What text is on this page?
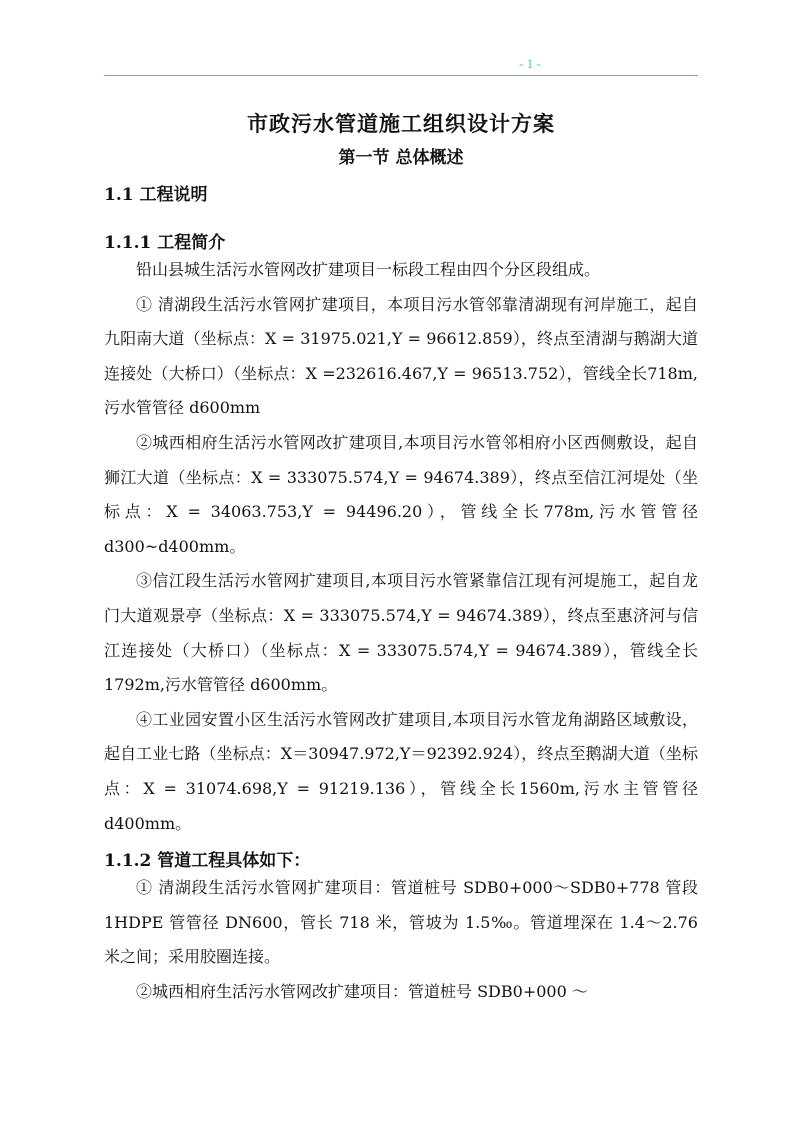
- 1 -
市政污水管道施工组织设计方案
第一节 总体概述
1.1 工程说明
1.1.1 工程简介

铅山县城生活污水管网改扩建项目一标段工程由四个分区段组成。

① 清湖段生活污水管网扩建项目，本项目污水管邻靠清湖现有河岸施工，起自九阳南大道（坐标点：X = 31975.021,Y = 96612.859），终点至清湖与鹅湖大道连接处（大桥口）（坐标点：X =232616.467,Y = 96513.752），管线全长718m,污水管管径 d600mm

②城西相府生活污水管网改扩建项目,本项目污水管邻相府小区西侧敷设，起自狮江大道（坐标点：X = 333075.574,Y = 94674.389），终点至信江河堤处（坐标点：X = 34063.753,Y = 94496.20），管线全长778m,污水管管径 d300~d400mm。

③信江段生活污水管网扩建项目,本项目污水管紧靠信江现有河堤施工，起自龙门大道观景亭（坐标点：X = 333075.574,Y = 94674.389），终点至惠济河与信江连接处（大桥口）（坐标点：X = 333075.574,Y = 94674.389），管线全长1792m,污水管管径 d600mm。

④工业园安置小区生活污水管网改扩建项目,本项目污水管龙角湖路区域敷设，起自工业七路（坐标点：X＝30947.972,Y＝92392.924），终点至鹅湖大道（坐标点：X = 31074.698,Y = 91219.136），管线全长1560m,污水主管管径 d400mm。

1.1.2 管道工程具体如下：

① 清湖段生活污水管网扩建项目：管道桩号 SDB0+000～SDB0+778 管段 1HDPE 管管径 DN600，管长 718 米，管坡为 1.5‰。管道埋深在 1.4～2.76 米之间；采用胶圈连接。

②城西相府生活污水管网改扩建项目：管道桩号 SDB0+000 ～
